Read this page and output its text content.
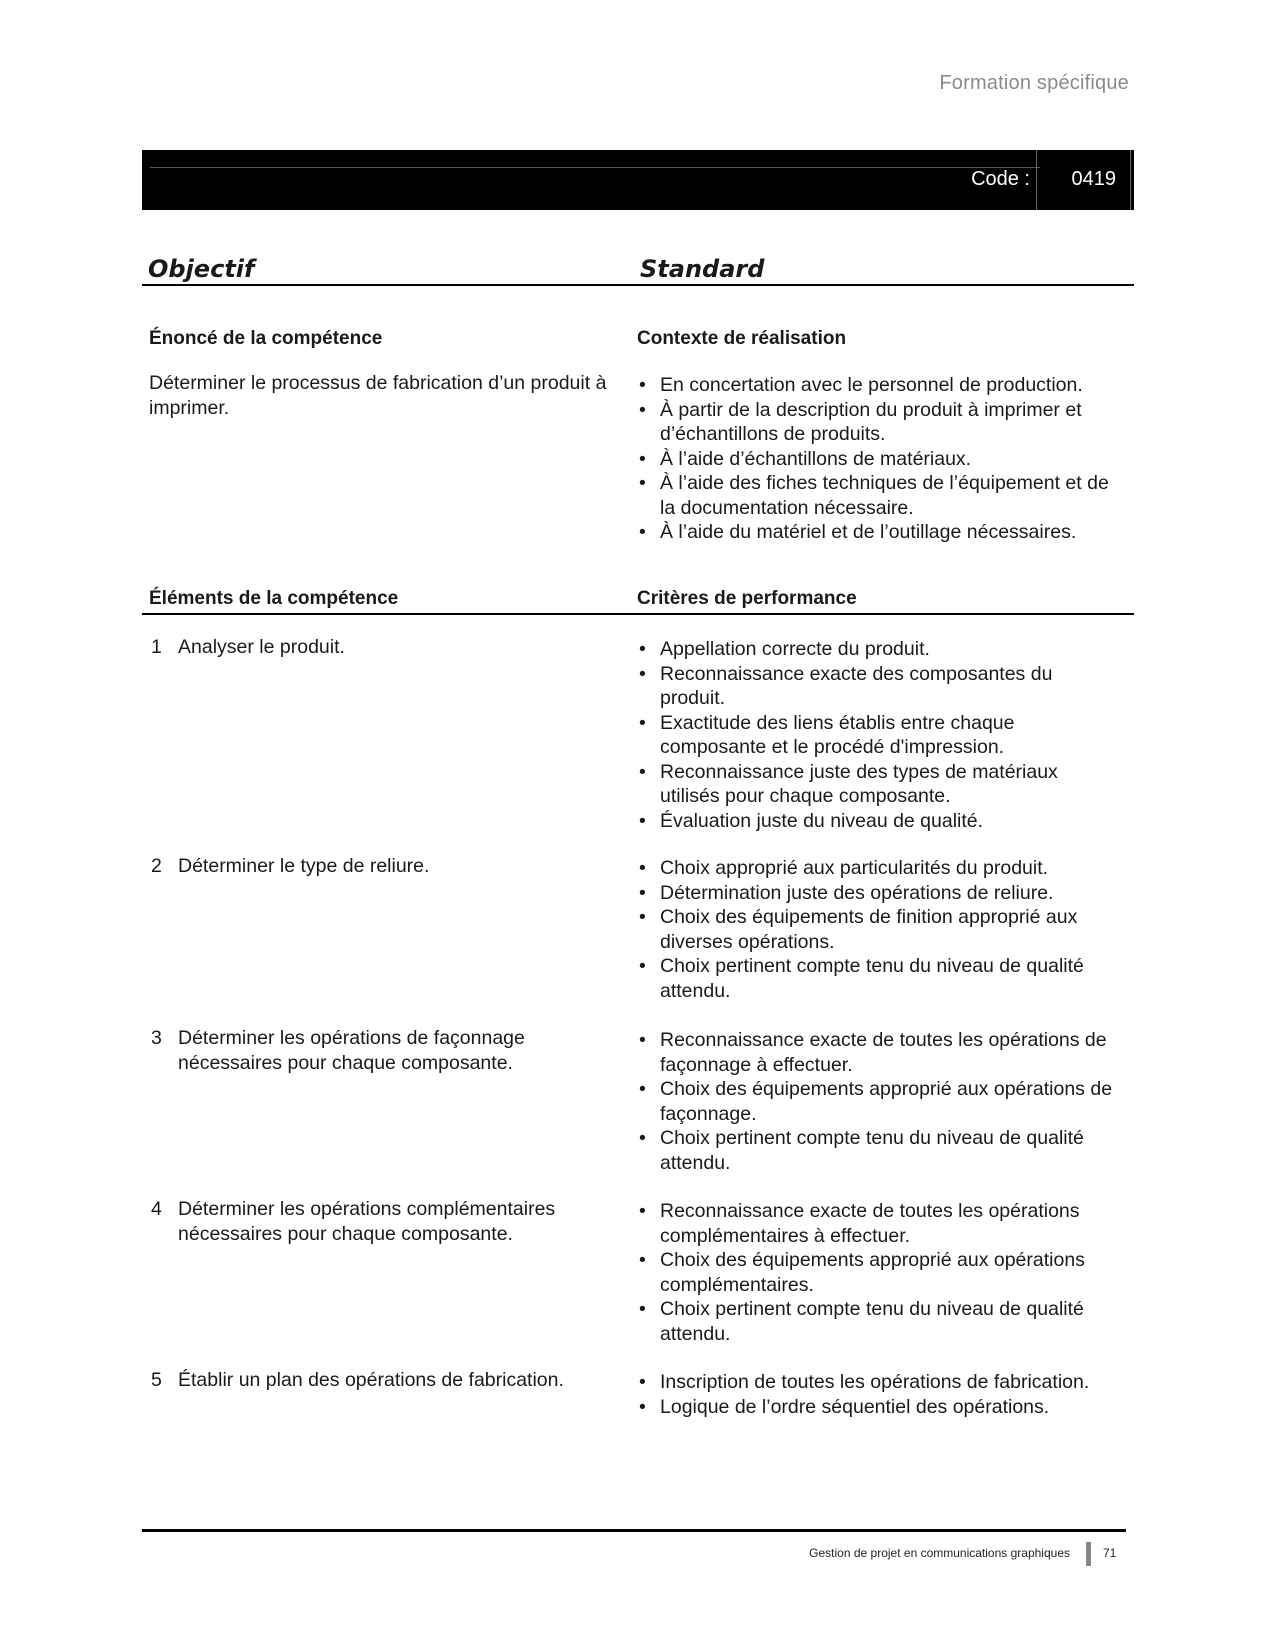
Formation spécifique
Code :	0419
Objectif	Standard
Énoncé de la compétence	Contexte de réalisation
Déterminer le processus de fabrication d’un produit à imprimer.
• En concertation avec le personnel de production.
• À partir de la description du produit à imprimer et d’échantillons de produits.
• À l’aide d’échantillons de matériaux.
• À l’aide des fiches techniques de l’équipement et de la documentation nécessaire.
• À l’aide du matériel et de l’outillage nécessaires.
Éléments de la compétence	Critères de performance
1 Analyser le produit.	• Appellation correcte du produit.
• Reconnaissance exacte des composantes du produit.
• Exactitude des liens établis entre chaque composante et le procédé d'impression.
• Reconnaissance juste des types de matériaux utilisés pour chaque composante.
• Évaluation juste du niveau de qualité.
2 Déterminer le type de reliure.	• Choix approprié aux particularités du produit.
• Détermination juste des opérations de reliure.
• Choix des équipements de finition approprié aux diverses opérations.
• Choix pertinent compte tenu du niveau de qualité attendu.
3 Déterminer les opérations de façonnage nécessaires pour chaque composante.
• Reconnaissance exacte de toutes les opérations de façonnage à effectuer.
• Choix des équipements approprié aux opérations de façonnage.
• Choix pertinent compte tenu du niveau de qualité attendu.
4 Déterminer les opérations complémentaires nécessaires pour chaque composante.
• Reconnaissance exacte de toutes les opérations complémentaires à effectuer.
• Choix des équipements approprié aux opérations complémentaires.
• Choix pertinent compte tenu du niveau de qualité attendu.
5 Établir un plan des opérations de fabrication.	• Inscription de toutes les opérations de fabrication.
• Logique de l’ordre séquentiel des opérations.
Gestion de projet en communications graphiques	71
